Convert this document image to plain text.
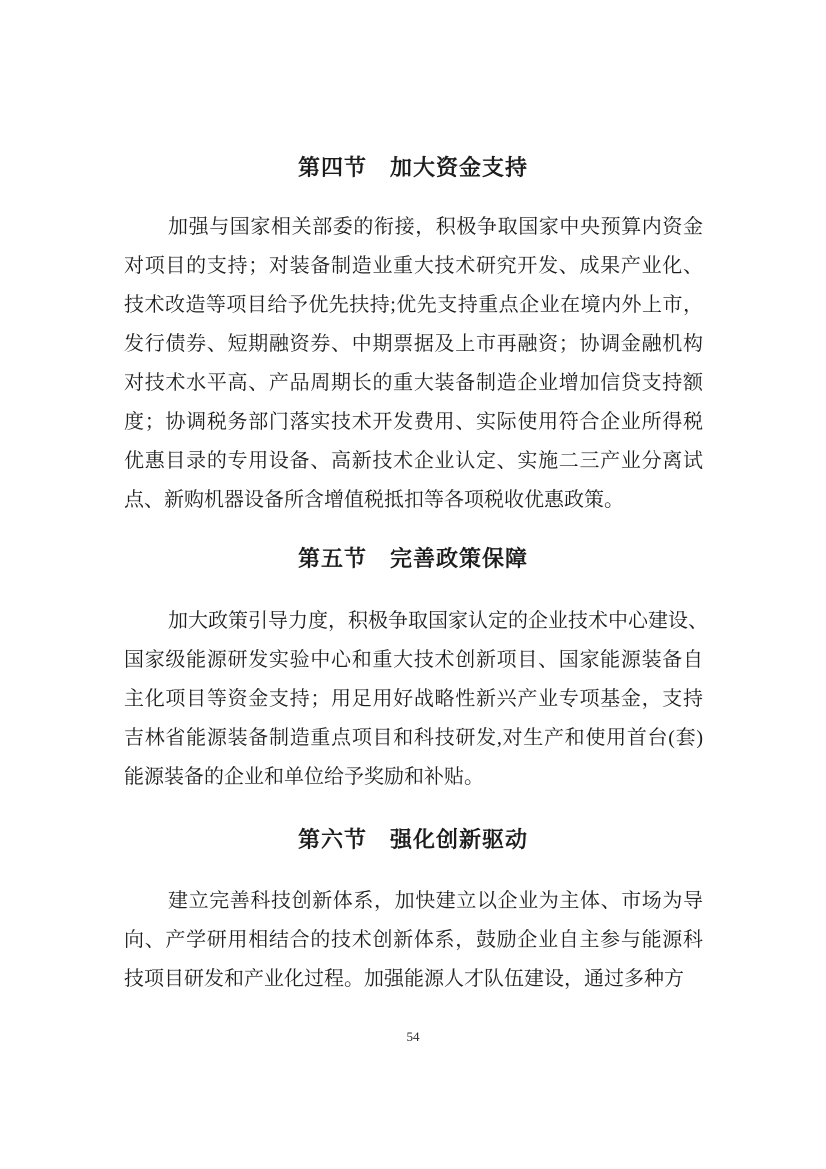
第四节　加大资金支持
加强与国家相关部委的衔接，积极争取国家中央预算内资金
对项目的支持；对装备制造业重大技术研究开发、成果产业化、
技术改造等项目给予优先扶持;优先支持重点企业在境内外上市，
发行债券、短期融资券、中期票据及上市再融资；协调金融机构
对技术水平高、产品周期长的重大装备制造企业增加信贷支持额
度；协调税务部门落实技术开发费用、实际使用符合企业所得税
优惠目录的专用设备、高新技术企业认定、实施二三产业分离试
点、新购机器设备所含增值税抵扣等各项税收优惠政策。
第五节　完善政策保障
加大政策引导力度，积极争取国家认定的企业技术中心建设、
国家级能源研发实验中心和重大技术创新项目、国家能源装备自
主化项目等资金支持；用足用好战略性新兴产业专项基金，支持
吉林省能源装备制造重点项目和科技研发,对生产和使用首台(套)
能源装备的企业和单位给予奖励和补贴。
第六节　强化创新驱动
建立完善科技创新体系，加快建立以企业为主体、市场为导
向、产学研用相结合的技术创新体系，鼓励企业自主参与能源科
技项目研发和产业化过程。加强能源人才队伍建设，通过多种方
54
